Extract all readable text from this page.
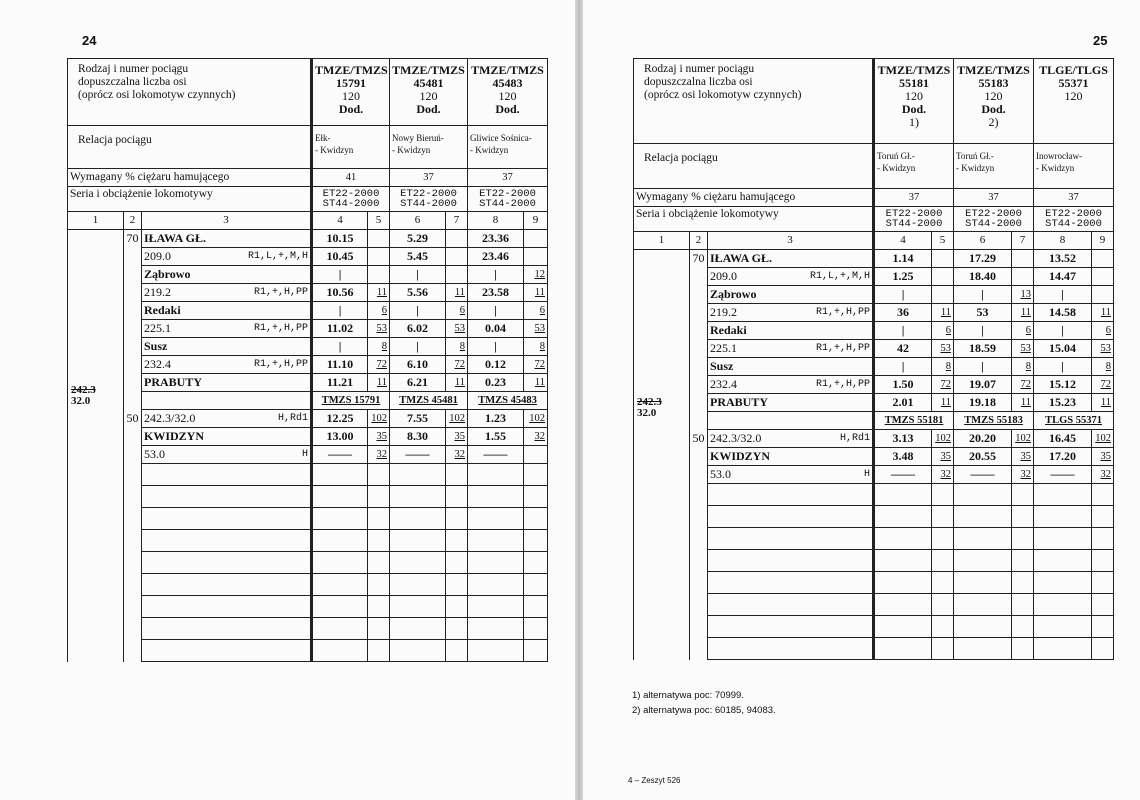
24	25
Rodzaj i numer pociągu
dopuszczalna liczba osi
(oprócz osi lokomotyw czynnych)			TMZE/TMZS
15791
120
Dod.		TMZE/TMZS
45481
120
Dod.		TMZE/TMZS
45483
120
Dod.	

Relacja pociągu			Ełk-
- Kwidzyn		Nowy Bieruń-
- Kwidzyn		Gliwice Sośnica-
- Kwidzyn	
Wymagany % ciężaru hamującego			41		37		37	
Seria i obciążenie lokomotywy			ET22-2000
ST44-2000		ET22-2000
ST44-2000		ET22-2000
ST44-2000	
1	2	3	4	5	6	7	8	9
	70	IŁAWA GŁ.	10.15		5.29		23.36	
		209.0 R1,L,+,M,H	10.45		5.45		23.46	
		Ząbrowo	|		|		|	12
		219.2 R1,+,H,PP	10.56	11	5.56	11	23.58	11
		Redaki	|	6	|	6	|	6
		225.1 R1,+,H,PP	11.02	53	6.02	53	0.04	53
		Susz	|	8	|	8	|	8
		232.4 R1,+,H,PP	11.10	72	6.10	72	0.12	72
		PRABUTY	11.21	11	6.21	11	0.23	11
			TMZS 15791		TMZS 45481		TMZS 45483	
	50	242.3/32.0 H,Rd1	12.25	102	7.55	102	1.23	102
		KWIDZYN	13.00	35	8.30	35	1.55	32
		53.0 H	——	32	——	32	——	

242.3
32.0
Rodzaj i numer pociągu
dopuszczalna liczba osi
(oprócz osi lokomotyw czynnych)			TMZE/TMZS
55181
120
Dod.
1)		TMZE/TMZS
55183
120
Dod.
2)		TLGE/TLGS
55371
120	

Relacja pociągu			Toruń Gł.-
- Kwidzyn		Toruń Gł.-
- Kwidzyn		Inowrocław-
- Kwidzyn	
Wymagany % ciężaru hamującego			37		37		37	
Seria i obciążenie lokomotywy			ET22-2000
ST44-2000		ET22-2000
ST44-2000		ET22-2000
ST44-2000	
1	2	3	4	5	6	7	8	9
	70	IŁAWA GŁ.	1.14		17.29		13.52	
		209.0 R1,L,+,M,H	1.25		18.40		14.47	
		Ząbrowo	|		|	13	|	
		219.2 R1,+,H,PP	36	11	53	11	14.58	11
		Redaki	|	6	|	6	|	6
		225.1 R1,+,H,PP	42	53	18.59	53	15.04	53
		Susz	|	8	|	8	|	8
		232.4 R1,+,H,PP	1.50	72	19.07	72	15.12	72
		PRABUTY	2.01	11	19.18	11	15.23	11
			TMZS 55181		TMZS 55183		TLGS 55371	
	50	242.3/32.0 H,Rd1	3.13	102	20.20	102	16.45	102
		KWIDZYN	3.48	35	20.55	35	17.20	35
		53.0 H	——	32	——	32	——	32

242.3
32.0
1) alternatywa poc: 70999.
2) alternatywa poc: 60185, 94083.
4 – Zeszyt 526
